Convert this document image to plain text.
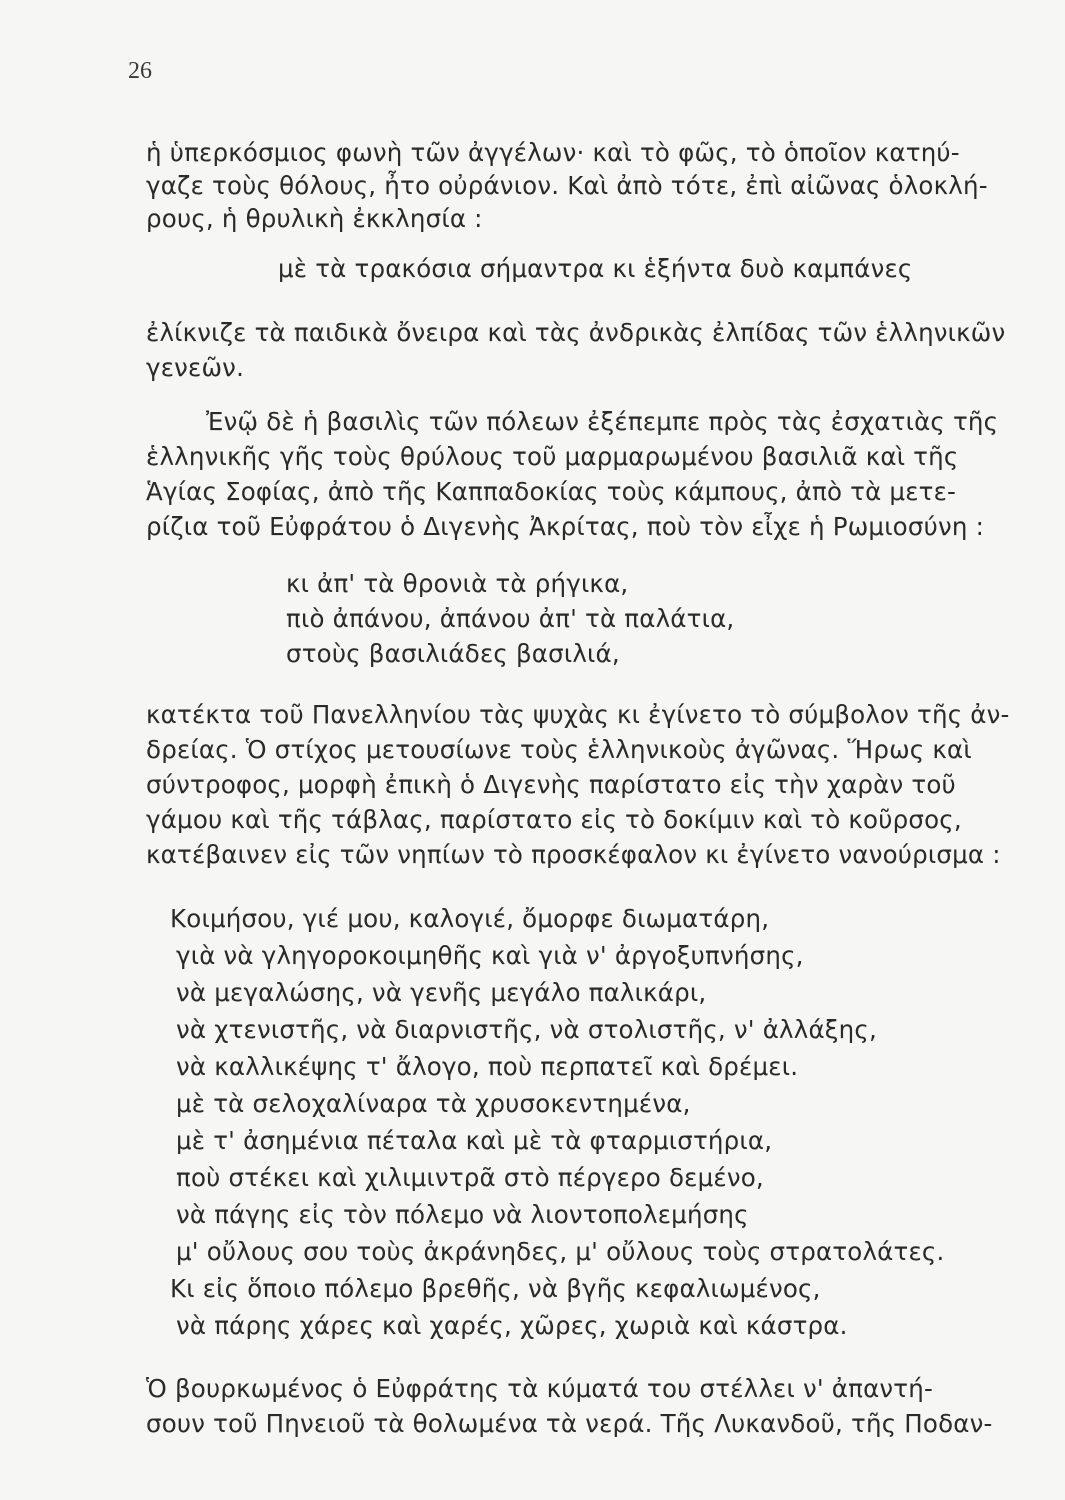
26
ἡ ὑπερκόσμιος φωνὴ τῶν ἀγγέλων· καὶ τὸ φῶς, τὸ ὁποῖον κατηύ-
γαζε τοὺς θόλους, ἦτο οὐράνιον. Καὶ ἀπὸ τότε, ἐπὶ αἰῶνας ὁλοκλή-
ρους, ἡ θρυλικὴ ἐκκλησία :
μὲ τὰ τρακόσια σήμαντρα κι ἑξήντα δυὸ καμπάνες
ἐλίκνιζε τὰ παιδικὰ ὄνειρα καὶ τὰς ἀνδρικὰς ἐλπίδας τῶν ἑλληνικῶν
γενεῶν.
Ἐνῷ δὲ ἡ βασιλὶς τῶν πόλεων ἐξέπεμπε πρὸς τὰς ἐσχατιὰς τῆς
ἑλληνικῆς γῆς τοὺς θρύλους τοῦ μαρμαρωμένου βασιλιᾶ καὶ τῆς
Ἁγίας Σοφίας, ἀπὸ τῆς Καππαδοκίας τοὺς κάμπους, ἀπὸ τὰ μετε-
ρίζια τοῦ Εὐφράτου ὁ Διγενὴς Ἀκρίτας, ποὺ τὸν εἶχε ἡ Ρωμιοσύνη :
κι ἀπ' τὰ θρονιὰ τὰ ρήγικα,
πιὸ ἀπάνου, ἀπάνου ἀπ' τὰ παλάτια,
στοὺς βασιλιάδες βασιλιά,
κατέκτα τοῦ Πανελληνίου τὰς ψυχὰς κι ἐγίνετο τὸ σύμβολον τῆς ἀν-
δρείας. Ὁ στίχος μετουσίωνε τοὺς ἑλληνικοὺς ἀγῶνας. Ἥρως καὶ
σύντροφος, μορφὴ ἐπικὴ ὁ Διγενὴς παρίστατο εἰς τὴν χαρὰν τοῦ
γάμου καὶ τῆς τάβλας, παρίστατο εἰς τὸ δοκίμιν καὶ τὸ κοῦρσος,
κατέβαινεν εἰς τῶν νηπίων τὸ προσκέφαλον κι ἐγίνετο νανούρισμα :
Κοιμήσου, γιέ μου, καλογιέ, ὄμορφε διωματάρη,
γιὰ νὰ γληγοροκοιμηθῆς καὶ γιὰ ν' ἀργοξυπνήσης,
νὰ μεγαλώσης, νὰ γενῆς μεγάλο παλικάρι,
νὰ χτενιστῆς, νὰ διαρνιστῆς, νὰ στολιστῆς, ν' ἀλλάξης,
νὰ καλλικέψης τ' ἄλογο, ποὺ περπατεῖ καὶ δρέμει.
μὲ τὰ σελοχαλίναρα τὰ χρυσοκεντημένα,
μὲ τ' ἀσημένια πέταλα καὶ μὲ τὰ φταρμιστήρια,
ποὺ στέκει καὶ χιλιμιντρᾶ στὸ πέργερο δεμένο,
νὰ πάγης εἰς τὸν πόλεμο νὰ λιοντοπολεμήσης
μ' οὔλους σου τοὺς ἀκράνηδες, μ' οὔλους τοὺς στρατολάτες.
Κι εἰς ὅποιο πόλεμο βρεθῆς, νὰ βγῆς κεφαλιωμένος,
νὰ πάρης χάρες καὶ χαρές, χῶρες, χωριὰ καὶ κάστρα.
Ὁ βουρκωμένος ὁ Εὐφράτης τὰ κύματά του στέλλει ν' ἀπαντή-
σουν τοῦ Πηνειοῦ τὰ θολωμένα τὰ νερά. Τῆς Λυκανδοῦ, τῆς Ποδαν-
